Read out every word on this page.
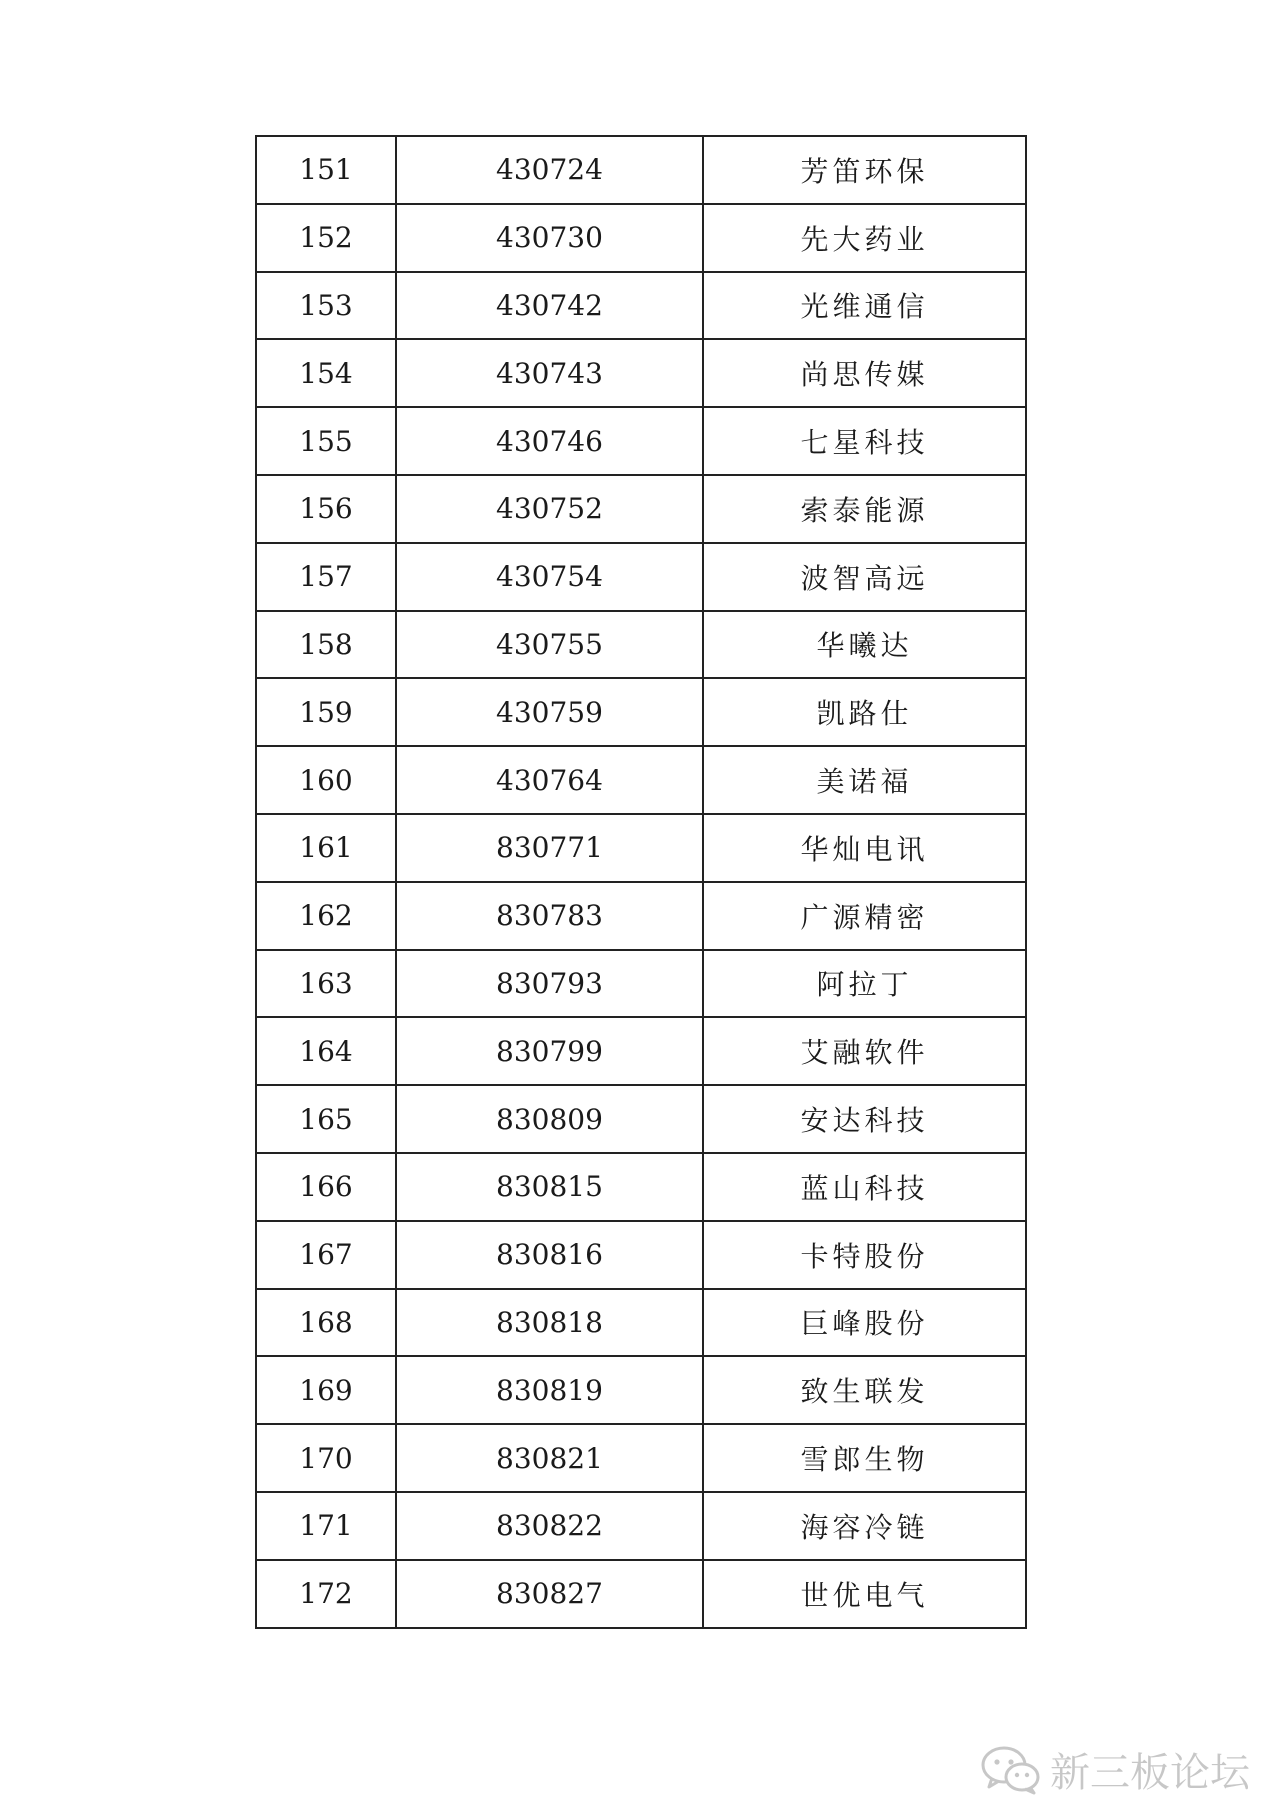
151	430724	芳笛环保
152	430730	先大药业
153	430742	光维通信
154	430743	尚思传媒
155	430746	七星科技
156	430752	索泰能源
157	430754	波智高远
158	430755	华曦达
159	430759	凯路仕
160	430764	美诺福
161	830771	华灿电讯
162	830783	广源精密
163	830793	阿拉丁
164	830799	艾融软件
165	830809	安达科技
166	830815	蓝山科技
167	830816	卡特股份
168	830818	巨峰股份
169	830819	致生联发
170	830821	雪郎生物
171	830822	海容冷链
172	830827	世优电气
新三板论坛
